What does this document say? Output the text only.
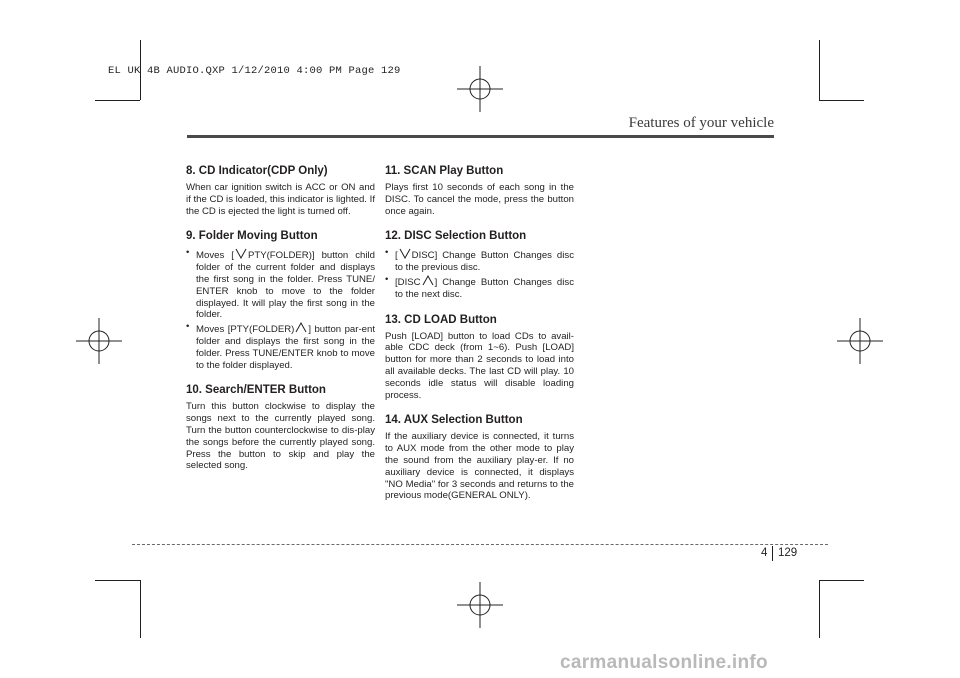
EL UK 4B AUDIO.QXP 1/12/2010 4:00 PM Page 129
Features of your vehicle
8. CD Indicator(CDP Only)

When car ignition switch is ACC or ON and if the CD is loaded, this indicator is lighted. If the CD is ejected the light is turned off.

9. Folder Moving Button
• Moves [ PTY(FOLDER)] button child folder of the current folder and displays the first song in the folder. Press TUNE/ ENTER knob to move to the folder displayed. It will play the first song in the folder.
• Moves [PTY(FOLDER) ] button par-ent folder and displays the first song in the folder. Press TUNE/ENTER knob to move to the folder displayed.
10. Search/ENTER Button

Turn this button clockwise to display the songs next to the currently played song. Turn the button counterclockwise to dis-play the songs before the currently played song. Press the button to skip and play the selected song.

11. SCAN Play Button

Plays first 10 seconds of each song in the DISC. To cancel the mode, press the button once again.

12. DISC Selection Button
• [ DISC] Change Button Changes disc to the previous disc.
• [DISC ] Change Button Changes disc to the next disc.
13. CD LOAD Button

Push [LOAD] button to load CDs to avail-able CDC deck (from 1~6). Push [LOAD] button for more than 2 seconds to load into all available decks. The last CD will play. 10 seconds idle status will disable loading process.

14. AUX Selection Button

If the auxiliary device is connected, it turns to AUX mode from the other mode to play the sound from the auxiliary play-er. If no auxiliary device is connected, it displays "NO Media" for 3 seconds and returns to the previous mode(GENERAL ONLY).

4 129
carmanualsonline.info
